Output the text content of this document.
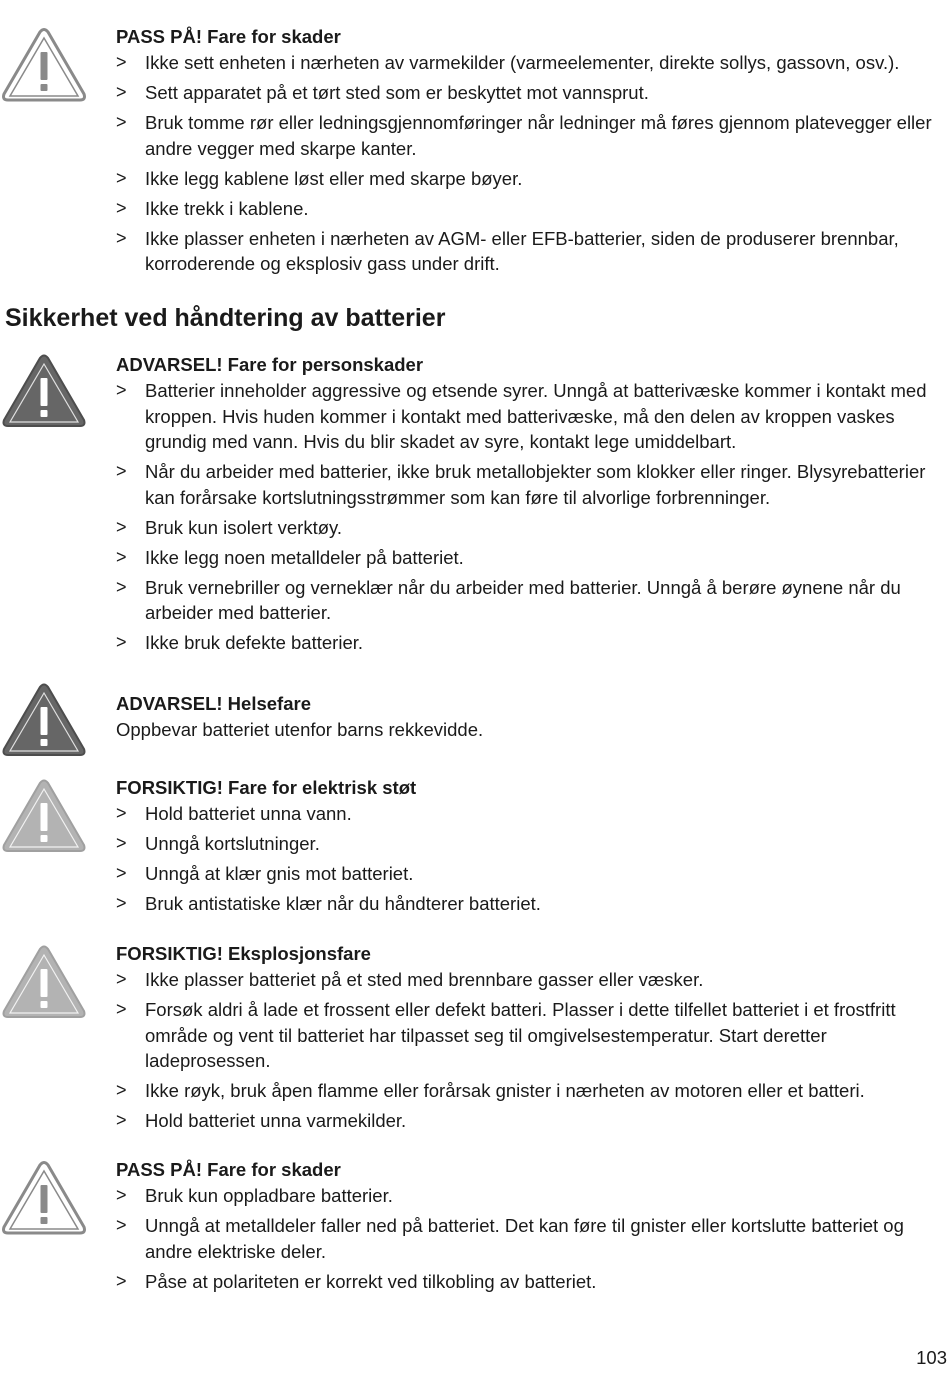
PASS PÅ! Fare for skader

> Ikke sett enheten i nærheten av varmekilder (varmeelementer, direkte sollys, gassovn, osv.).
> Sett apparatet på et tørt sted som er beskyttet mot vannsprut.
> Bruk tomme rør eller ledningsgjennomføringer når ledninger må føres gjennom platevegger eller andre vegger med skarpe kanter.
> Ikke legg kablene løst eller med skarpe bøyer.
> Ikke trekk i kablene.
> Ikke plasser enheten i nærheten av AGM- eller EFB-batterier, siden de produserer brennbar, korroderende og eksplosiv gass under drift.
Sikkerhet ved håndtering av batterier

ADVARSEL! Fare for personskader

> Batterier inneholder aggressive og etsende syrer. Unngå at batterivæske kommer i kontakt med kroppen. Hvis huden kommer i kontakt med batterivæske, må den delen av kroppen vaskes grundig med vann. Hvis du blir skadet av syre, kontakt lege umiddelbart.
> Når du arbeider med batterier, ikke bruk metallobjekter som klokker eller ringer. Blysyrebatterier kan forårsake kortslutningsstrømmer som kan føre til alvorlige forbrenninger.
> Bruk kun isolert verktøy.
> Ikke legg noen metalldeler på batteriet.
> Bruk vernebriller og verneklær når du arbeider med batterier. Unngå å berøre øynene når du arbeider med batterier.
> Ikke bruk defekte batterier.

ADVARSEL! Helsefare

Oppbevar batteriet utenfor barns rekkevidde.

FORSIKTIG! Fare for elektrisk støt

> Hold batteriet unna vann.
> Unngå kortslutninger.
> Unngå at klær gnis mot batteriet.
> Bruk antistatiske klær når du håndterer batteriet.

FORSIKTIG! Eksplosjonsfare

> Ikke plasser batteriet på et sted med brennbare gasser eller væsker.
> Forsøk aldri å lade et frossent eller defekt batteri. Plasser i dette tilfellet batteriet i et frostfritt område og vent til batteriet har tilpasset seg til omgivelsestemperatur. Start deretter ladeprosessen.
> Ikke røyk, bruk åpen flamme eller forårsak gnister i nærheten av motoren eller et batteri.
> Hold batteriet unna varmekilder.

PASS PÅ! Fare for skader

> Bruk kun oppladbare batterier.
> Unngå at metalldeler faller ned på batteriet. Det kan føre til gnister eller kortslutte batteriet og andre elektriske deler.
> Påse at polariteten er korrekt ved tilkobling av batteriet.
103
